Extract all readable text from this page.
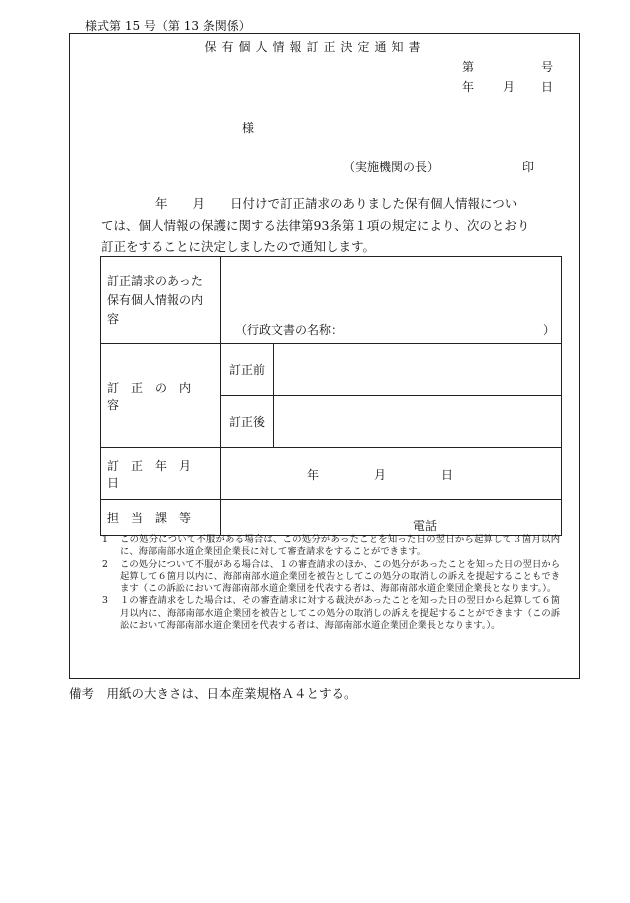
様式第 15 号（第 13 条関係）
保有個人情報訂正決定通知書
第	号
年 月 日
様
（実施機関の長）	印
年　　月　　日付けで訂正請求のありました保有個人情報につい
ては、個人情報の保護に関する法律第93条第１項の規定により、次のとおり
訂正をすることに決定しましたので通知します。
訂正請求のあった保有個人情報の内容	（行政文書の名称： ）	

訂　正　の　内　容	訂正前	
	訂正後	
訂　正　年　月　日	年 月 日	

担　当　課　等	電話	
1	この処分について不服がある場合は、この処分があったことを知った日の翌日から起算して３箇月以内に、海部南部水道企業団企業長に対して審査請求をすることができます。
2	この処分について不服がある場合は、１の審査請求のほか、この処分があったことを知った日の翌日から起算して６箇月以内に、海部南部水道企業団を被告としてこの処分の取消しの訴えを提起することもできます（この訴訟において海部南部水道企業団を代表する者は、海部南部水道企業団企業長となります。）。
3	１の審査請求をした場合は、その審査請求に対する裁決があったことを知った日の翌日から起算して６箇月以内に、海部南部水道企業団を被告としてこの処分の取消しの訴えを提起することができます（この訴訟において海部南部水道企業団を代表する者は、海部南部水道企業団企業長となります。）。
備考　用紙の大きさは、日本産業規格Ａ４とする。
